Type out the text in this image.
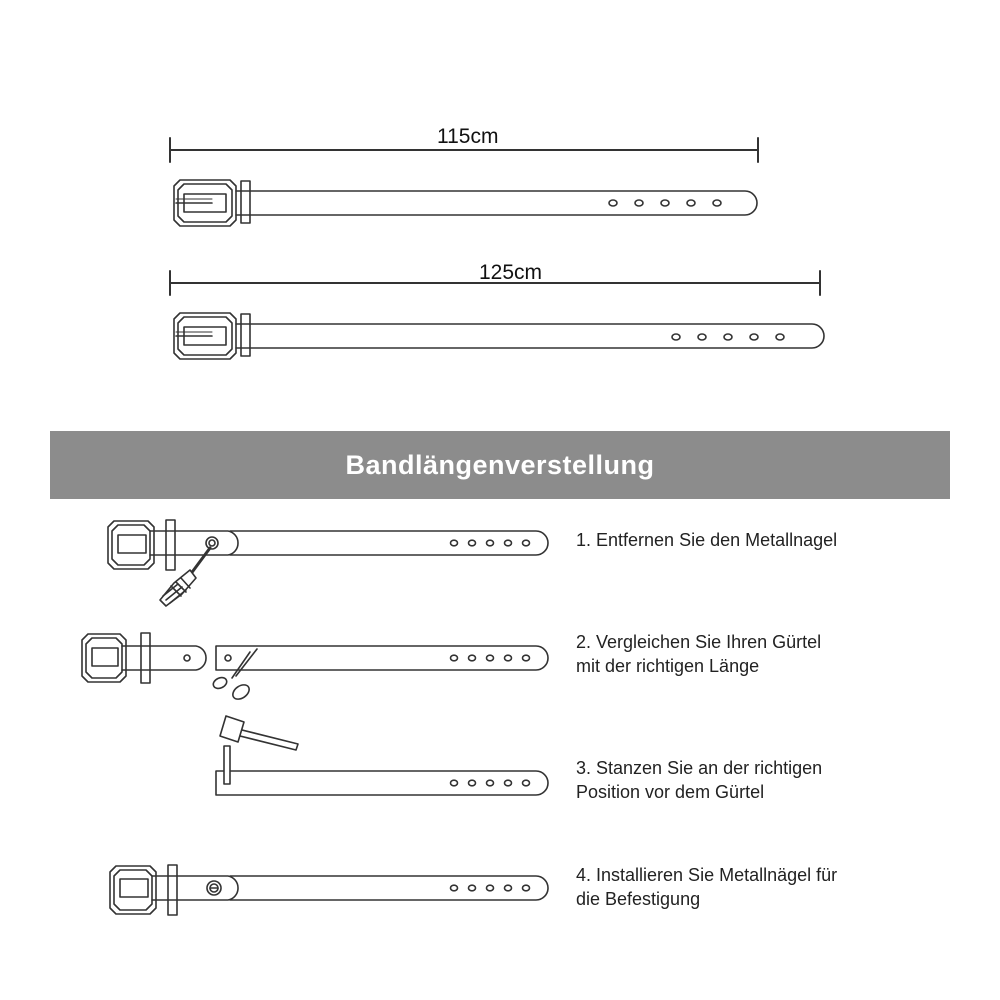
115cm
125cm
Bandlängenverstellung
1. Entfernen Sie den Metallnagel
2. Vergleichen Sie Ihren Gürtel
mit der richtigen Länge
3. Stanzen Sie an der richtigen
Position vor dem Gürtel
4. Installieren Sie Metallnägel für
die Befestigung
